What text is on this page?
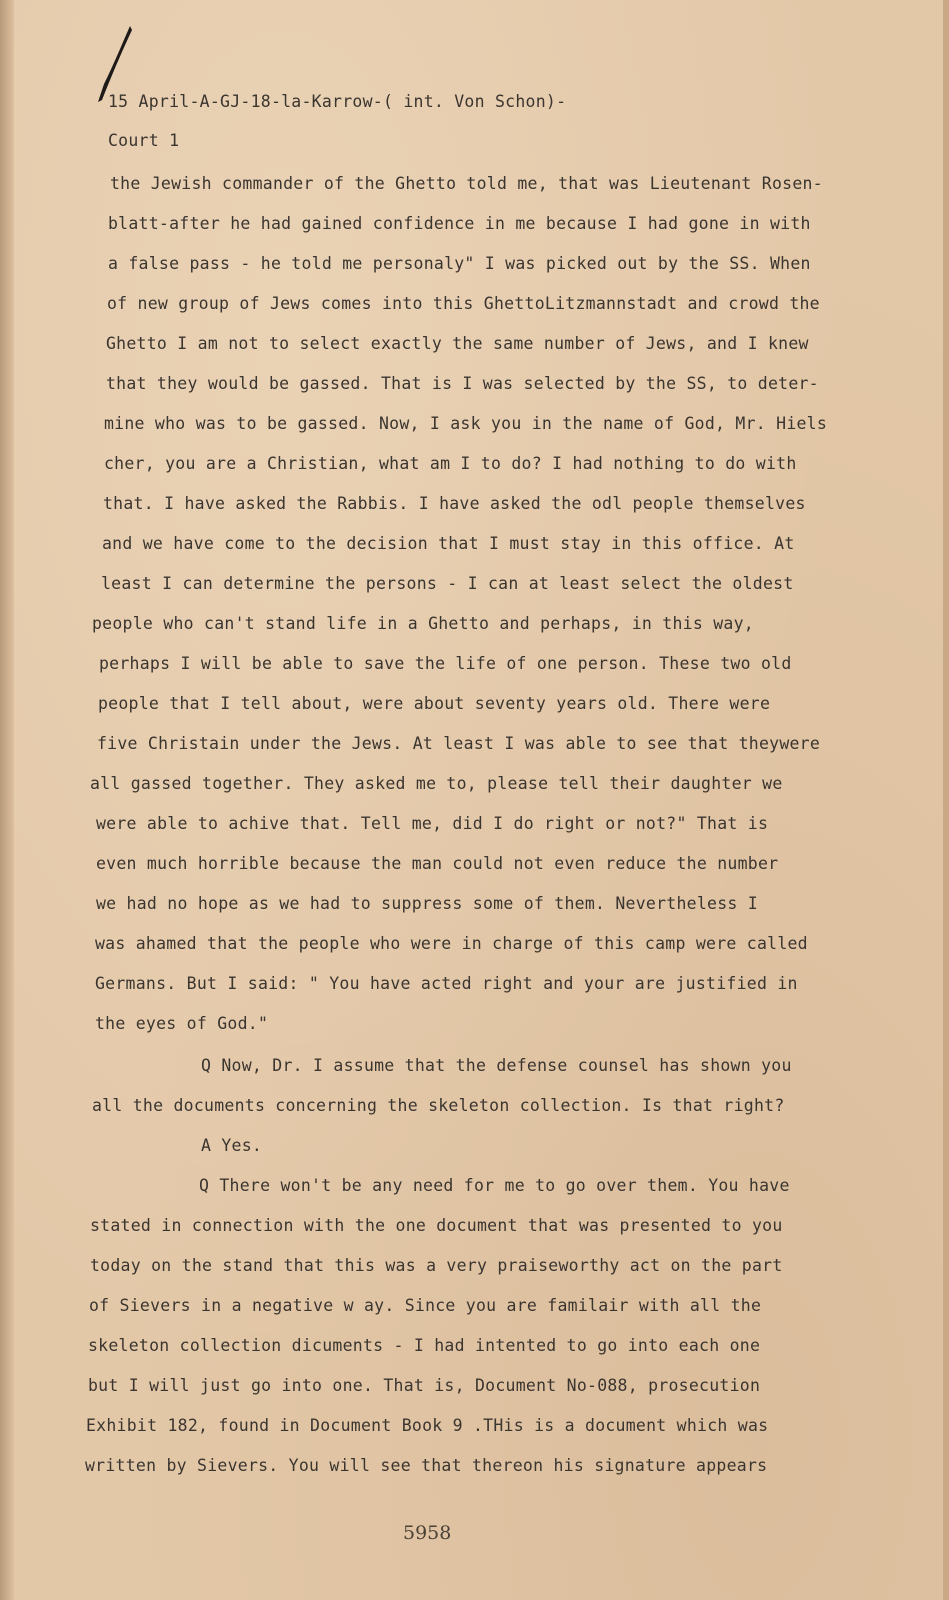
15 April-A-GJ-18-la-Karrow-( int. Von Schon)-
Court 1
the Jewish commander of the Ghetto told me, that was Lieutenant Rosen-
blatt-after he had gained confidence in me because I had gone in with
a false pass - he told me personaly" I was picked out by the SS. When
of new group of Jews comes into this GhettoLitzmannstadt and crowd the
Ghetto I am not to select exactly the same number of Jews, and I knew
that they would be gassed. That is I was selected by the SS, to deter-
mine who was to be gassed. Now, I ask you in the name of God, Mr. Hiels
cher, you are a Christian, what am I to do? I had nothing to do with
that. I have asked the Rabbis. I have asked the odl people themselves
and we have come to the decision that I must stay in this office. At
least I can determine the persons - I can at least select the oldest
people who can't stand life in a Ghetto and perhaps, in this way,
perhaps I will be able to save the life of one person. These two old
people that I tell about, were about seventy years old. There were
five Christain under the Jews. At least I was able to see that theywere
all gassed together. They asked me to, please tell their daughter we
were able to achive that. Tell me, did I do right or not?" That is
even much horrible because the man could not even reduce the number
we had no hope as we had to suppress some of them. Nevertheless I
was ahamed that the people who were in charge of this camp were called
Germans. But I said: " You have acted right and your are justified in
the eyes of God."
Q Now, Dr. I assume that the defense counsel has shown you
all the documents concerning the skeleton collection. Is that right?
A Yes.
Q There won't be any need for me to go over them. You have
stated in connection with the one document that was presented to you
today on the stand that this was a very praiseworthy act on the part
of Sievers in a negative w ay. Since you are familair with all the
skeleton collection dicuments - I had intented to go into each one
but I will just go into one. That is, Document No-088, prosecution
Exhibit 182, found in Document Book 9 .THis is a document which was
written by Sievers. You will see that thereon his signature appears
5958
